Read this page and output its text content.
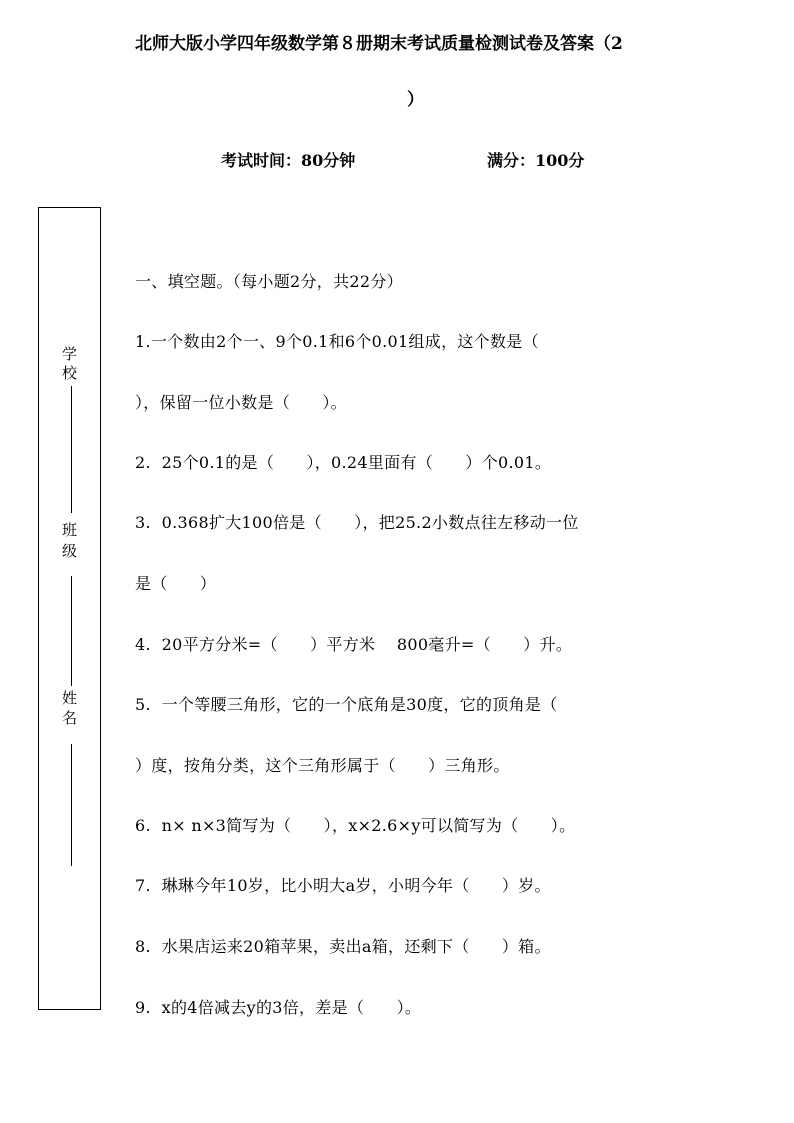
北师大版小学四年级数学第８册期末考试质量检测试卷及答案（2
）
考试时间：80分钟	满分：100分
学
校
班
级
姓
名
一、填空题。（每小题2分，共22分）
1.一个数由2个一、9个0.1和6个0.01组成，这个数是（
），保留一位小数是（      ）。
2.  25个0.1的是（      ），0.24里面有（      ）个0.01。
3.  0.368扩大100倍是（      ），把25.2小数点往左移动一位
是（      ）
4.  20平方分米=（      ）平方米    800毫升=（      ）升。
5.  一个等腰三角形，它的一个底角是30度，它的顶角是（
）度，按角分类，这个三角形属于（      ）三角形。
6.  n× n×3简写为（      ），x×2.6×y可以简写为（      ）。
7.  琳琳今年10岁，比小明大a岁，小明今年（      ）岁。
8.  水果店运来20箱苹果，卖出a箱，还剩下（      ）箱。
9.  x的4倍减去y的3倍，差是（      ）。
